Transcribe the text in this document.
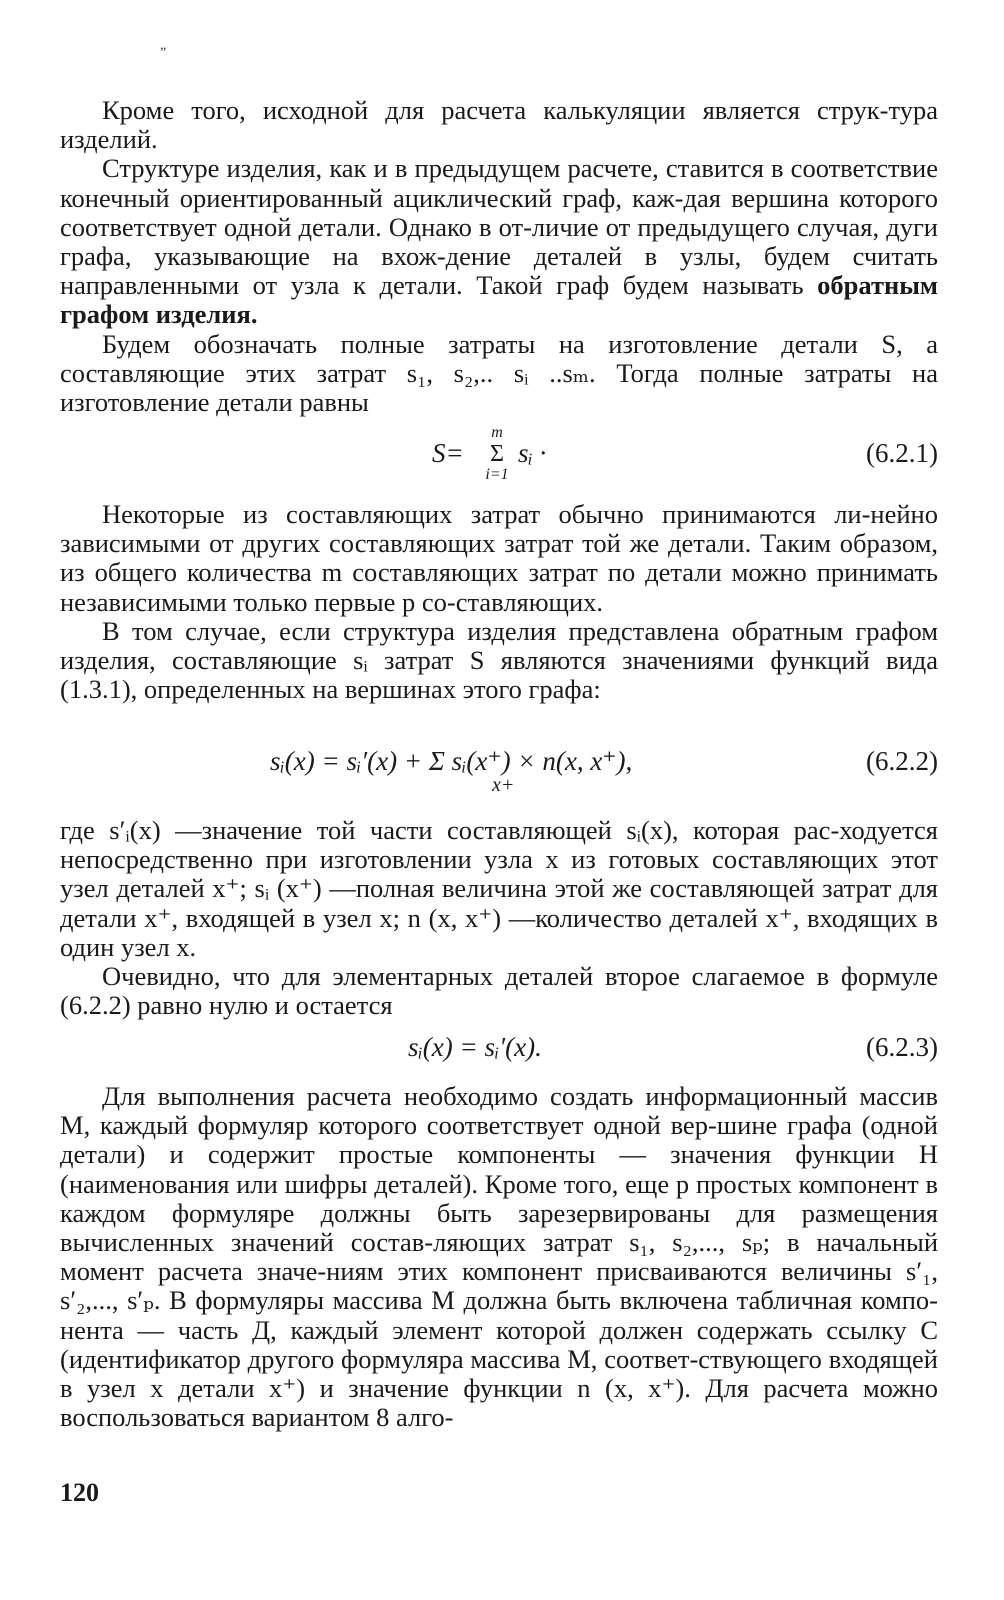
„

Кроме того, исходной для расчета калькуляции является струк-тура изделий.

Структуре изделия, как и в предыдущем расчете, ставится в соответствие конечный ориентированный ациклический граф, каж-дая вершина которого соответствует одной детали. Однако в от-личие от предыдущего случая, дуги графа, указывающие на вхож-дение деталей в узлы, будем считать направленными от узла к детали. Такой граф будем называть обратным графом изделия.

Будем обозначать полные затраты на изготовление детали S, а составляющие этих затрат s₁, s₂,.. sᵢ ..sₘ. Тогда полные затраты на изготовление детали равны

S=
m
Σ
i=1
sᵢ ·	(6.2.1)

Некоторые из составляющих затрат обычно принимаются ли-нейно зависимыми от других составляющих затрат той же детали. Таким образом, из общего количества m составляющих затрат по детали можно принимать независимыми только первые p со-ставляющих.

В том случае, если структура изделия представлена обратным графом изделия, составляющие sᵢ затрат S являются значениями функций вида (1.3.1), определенных на вершинах этого графа:

sᵢ(x) = sᵢ′(x) + Σ sᵢ(x⁺) × n(x, x⁺),
x+
(6.2.2)

где s′ᵢ(x) —значение той части составляющей sᵢ(x), которая рас-ходуется непосредственно при изготовлении узла x из готовых составляющих этот узел деталей x⁺; sᵢ (x⁺) —полная величина этой же составляющей затрат для детали x⁺, входящей в узел x; n (x, x⁺) —количество деталей x⁺, входящих в один узел x.

Очевидно, что для элементарных деталей второе слагаемое в формуле (6.2.2) равно нулю и остается

sᵢ(x) = sᵢ′(x).	(6.2.3)

Для выполнения расчета необходимо создать информационный массив M, каждый формуляр которого соответствует одной вер-шине графа (одной детали) и содержит простые компоненты — значения функции H (наименования или шифры деталей). Кроме того, еще p простых компонент в каждом формуляре должны быть зарезервированы для размещения вычисленных значений состав-ляющих затрат s₁, s₂,..., sₚ; в начальный момент расчета значе-ниям этих компонент присваиваются величины s′₁, s′₂,..., s′ₚ. В формуляры массива M должна быть включена табличная компо-нента — часть Д, каждый элемент которой должен содержать ссылку C (идентификатор другого формуляра массива M, соответ-ствующего входящей в узел x детали x⁺) и значение функции n (x, x⁺). Для расчета можно воспользоваться вариантом 8 алго-

120
